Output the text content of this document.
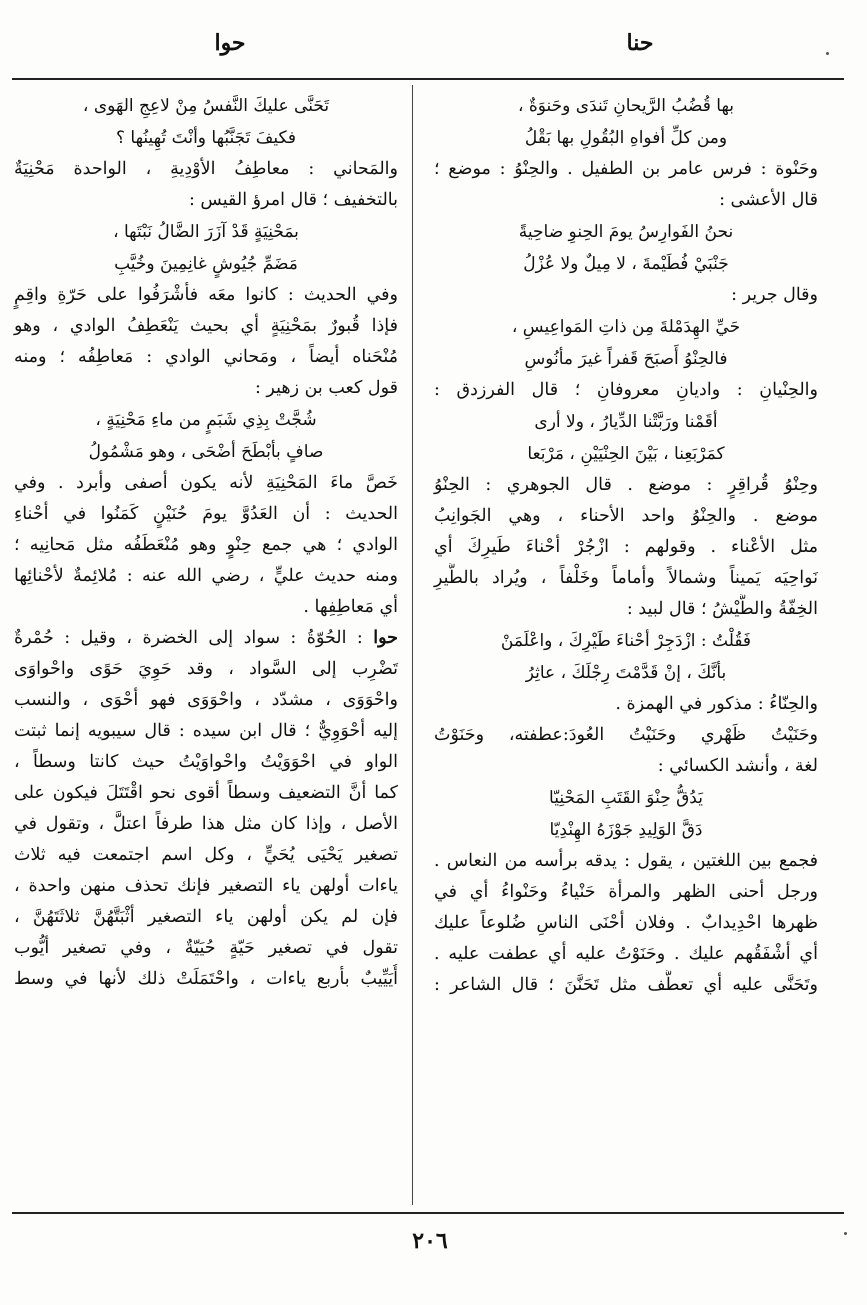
حنا
حوا

بها قُضُبُ الرَّيحانِ تَندَى وحَنوَةٌ ،

ومن كلِّ أفواهِ البُقُولِ بها بَقْلُ

وحَنْوة : فرس عامر بن الطفيل . والحِنْوُ : موضع ؛

قال الأعشى :

نحنُ الفَوارِسُ يومَ الحِنوِ ضاحِيةً

جَنْبَيْ فُطَيْمةَ ، لا مِيلٌ ولا عُزْلُ

وقال جرير :

حَيِّ الهِدَمْلةَ مِن ذاتِ المَواعِيسِ ،

فالحِنْوُ أَصبَحَ قَفراً غيرَ مأنُوسِ

والحِنْيانِ : واديانِ معروفانِ ؛ قال الفرزدق :

أقَمْنا ورَبَّتْنا الدِّيارُ ، ولا أرى

كمَرْبَعِنا ، بَيْنَ الحِنْيَيْنِ ، مَرْبَعا

وحِنْوُ قُراقِرٍ : موضع . قال الجوهري : الحِنْوُ

موضع . والحِنْوُ واحد الأحناء ، وهي الجَوانِبُ

مثل الأعْناء . وقولهم : ازْجُرْ أحْناءَ طَيرِكَ أي

نَواحِيَه يَميناً وشمالاً وأماماً وخَلْفاً ، ويُراد بالطَّيرِ

الخِفّةُ والطَّيْشُ ؛ قال لبيد :

فَقُلْتُ : ازْدَجِرْ أحْناءَ طَيْرِكَ ، واعْلَمَنْ

بأنَّكَ ، إنْ قَدَّمْتَ رِجْلَكَ ، عاثِرُ

والحِنّاءُ : مذكور في الهمزة .

وحَنَيْتُ ظَهْري وحَنَيْتُ العُودَ:عطفته، وحَنَوْتُ

لغة ، وأنشد الكسائي :

يَدُقُّ حِنْوَ القَتَبِ المَحْنِيّا

دَقَّ الوَلِيدِ جَوْزَهُ الهِنْدِيّا

فجمع بين اللغتين ، يقول : يدقه برأسه من النعاس .

ورجل أحنى الظهر والمرأة حَنْياءُ وحَنْواءُ أي في

ظهرها احْدِيدابٌ . وفلان أحْنَى الناسِ ضُلوعاً عليك

أي أشْفَقُهم عليك . وحَنَوْتُ عليه أي عطفت عليه .

وتَحَنَّى عليه أي تعطَّف مثل تَحَنَّنَ ؛ قال الشاعر :

تَحَنَّى عليكَ النَّفسُ مِنْ لاعِجِ الهَوى ،

فكيفَ تَجَنَّبُها وأنْتَ تُهِينُها ؟

والمَحاني : معاطِفُ الأوْدِيةِ ، الواحدة مَحْنِيَةٌ

بالتخفيف ؛ قال امرؤ القيس :

بمَحْنِيَةٍ قَدْ آزَرَ الضَّالُ نَبْتَها ،

مَضَمِّ جُيُوشٍ غانِمِينَ وخُيَّبِ

وفي الحديث : كانوا معَه فأشْرَفُوا على حَرّةِ واقِمٍ

فإذا قُبورٌ بمَحْنِيَةٍ أي بحيث يَنْعَطِفُ الوادي ، وهو

مُنْحَناه أيضاً ، ومَحاني الوادي : مَعاطِفُه ؛ ومنه

قول كعب بن زهير :

شُجَّتْ بِذِي شَبَمٍ من ماءِ مَحْنِيَةٍ ،

صافٍ بأبْطَحَ أضْحَى ، وهو مَشْمُولُ

خَصَّ ماءَ المَحْنِيَةِ لأنه يكون أصفى وأبرد . وفي

الحديث : أن العَدُوَّ يومَ حُنَيْنٍ كَمَنُوا في أحْناءِ

الوادي ؛ هي جمع حِنْوٍ وهو مُنْعَطَفُه مثل مَحانِيه ؛

ومنه حديث عليٍّ ، رضي الله عنه : مُلائِمةٌ لأحْنائِها

أي مَعاطِفِها .

حوا : الحُوّةُ : سواد إلى الخضرة ، وقيل : حُمْرةٌ

تَضْرِب إلى السَّواد ، وقد حَوِيَ حَوًى واحْواوَى

واحْوَوَى ، مشدّد ، واحْوَوَى فهو أحْوَى ، والنسب

إليه أحْوَوِيٌّ ؛ قال ابن سيده : قال سيبويه إنما ثبتت

الواو في احْوَوَيْتُ واحْواوَيْتُ حيث كانتا وسطاً ،

كما أنَّ التضعيف وسطاً أقوى نحو اقْتَتَلَ فيكون على

الأصل ، وإذا كان مثل هذا طرفاً اعتلَّ ، وتقول في

تصغير يَحْيَى يُحَيٍّ ، وكل اسم اجتمعت فيه ثلاث

ياءات أولهن ياء التصغير فإنك تحذف منهن واحدة ،

فإن لم يكن أولهن ياء التصغير أثْبَتَّهُنَّ ثلاثَتَهُنَّ ،

تقول في تصغير حَيّةٍ حُيَيّةٌ ، وفي تصغير أيُّوب

أُيَيِّيبٌ بأربع ياءات ، واحْتَمَلَتْ ذلك لأنها في وسط

٢٠٦
